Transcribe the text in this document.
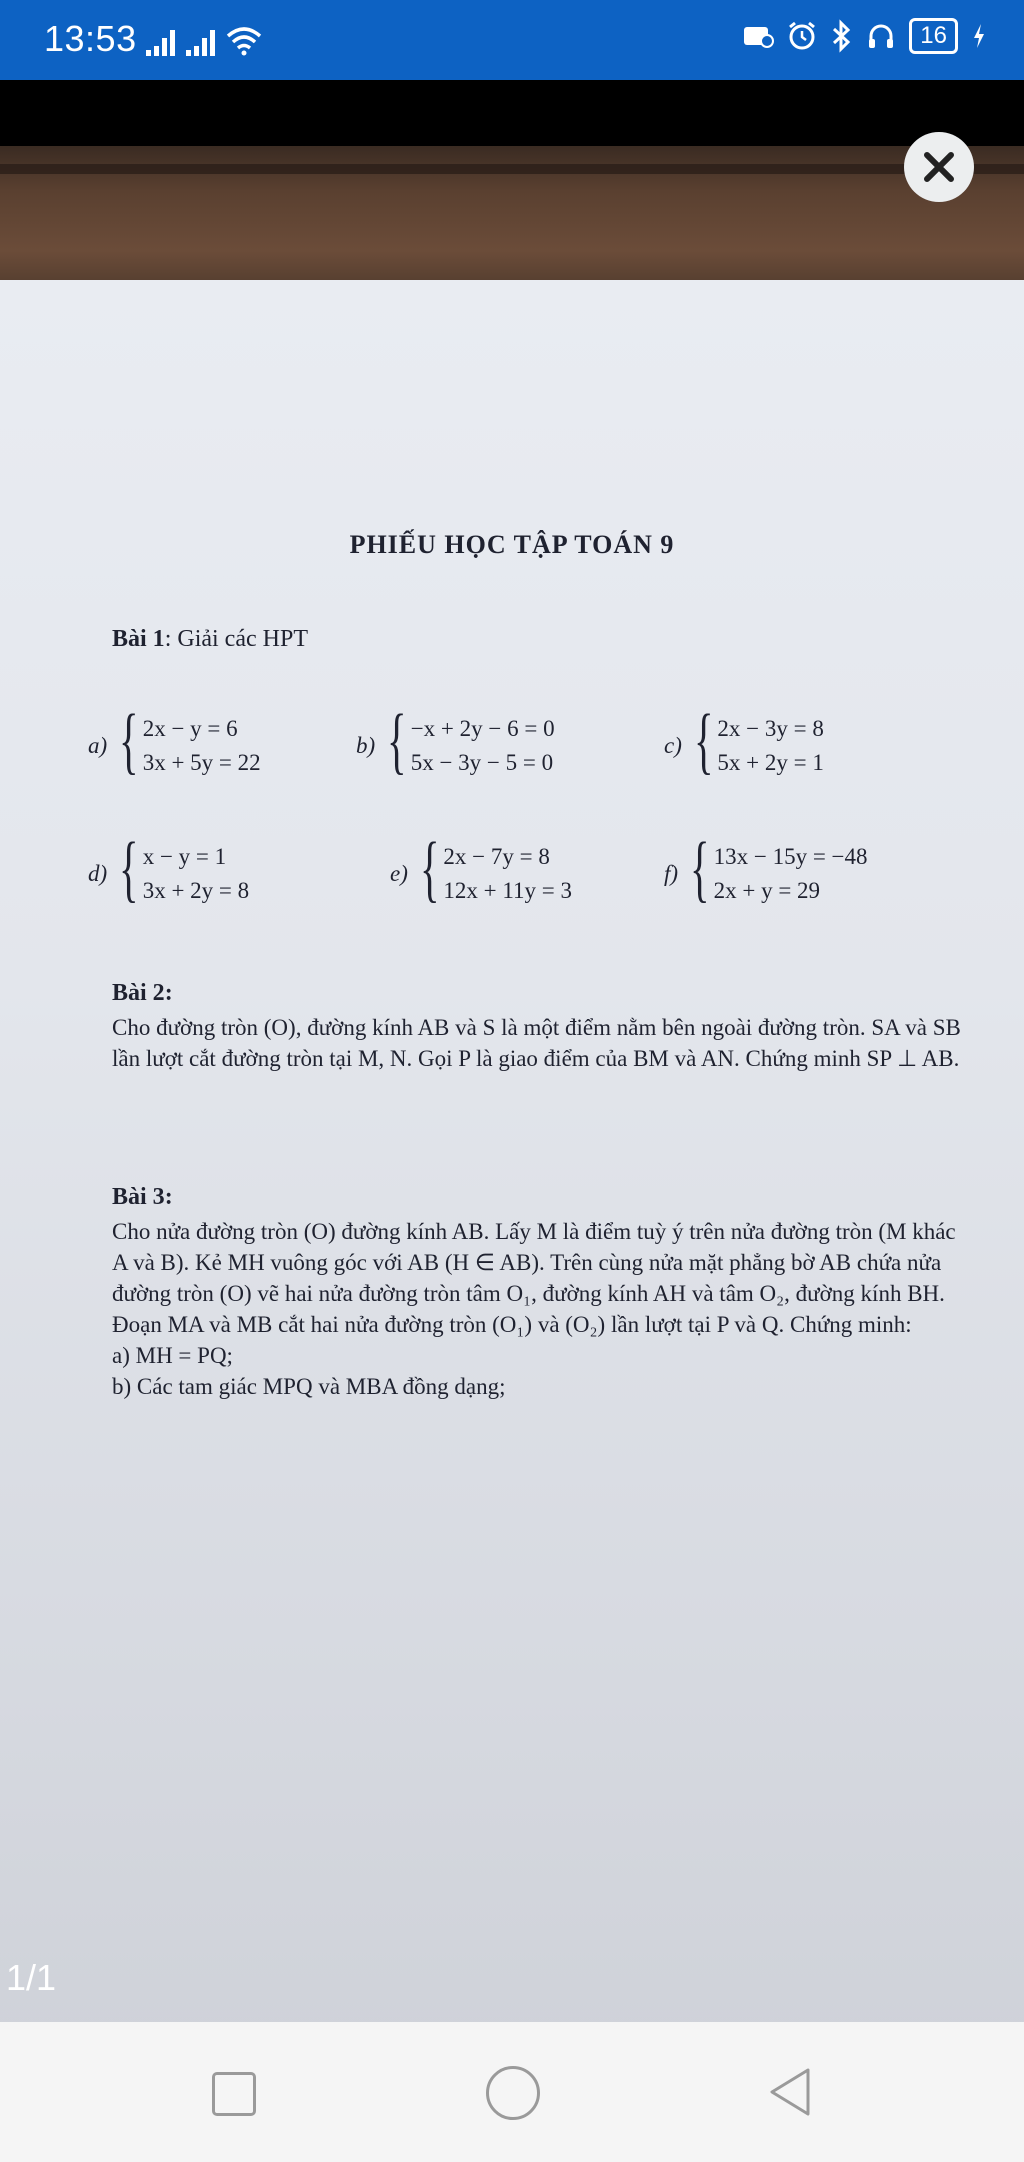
13:53	16
PHIẾU HỌC TẬP TOÁN 9
Bài 1: Giải các HPT
a) { 2x − y = 6
3x + 5y = 22
b) { −x + 2y − 6 = 0
5x − 3y − 5 = 0
c) { 2x − 3y = 8
5x + 2y = 1
d) { x − y = 1
3x + 2y = 8
e) { 2x − 7y = 8
12x + 11y = 3
f) { 13x − 15y = −48
2x + y = 29
Bài 2:
Cho đường tròn (O), đường kính AB và S là một điểm nằm bên ngoài đường tròn. SA và SB lần lượt cắt đường tròn tại M, N. Gọi P là giao điểm của BM và AN. Chứng minh SP ⊥ AB.
Bài 3:
Cho nửa đường tròn (O) đường kính AB. Lấy M là điểm tuỳ ý trên nửa đường tròn (M khác A và B). Kẻ MH vuông góc với AB (H ∈ AB). Trên cùng nửa mặt phẳng bờ AB chứa nửa đường tròn (O) vẽ hai nửa đường tròn tâm O₁, đường kính AH và tâm O₂, đường kính BH. Đoạn MA và MB cắt hai nửa đường tròn (O₁) và (O₂) lần lượt tại P và Q. Chứng minh:
a) MH = PQ;
b) Các tam giác MPQ và MBA đồng dạng;
1/1
